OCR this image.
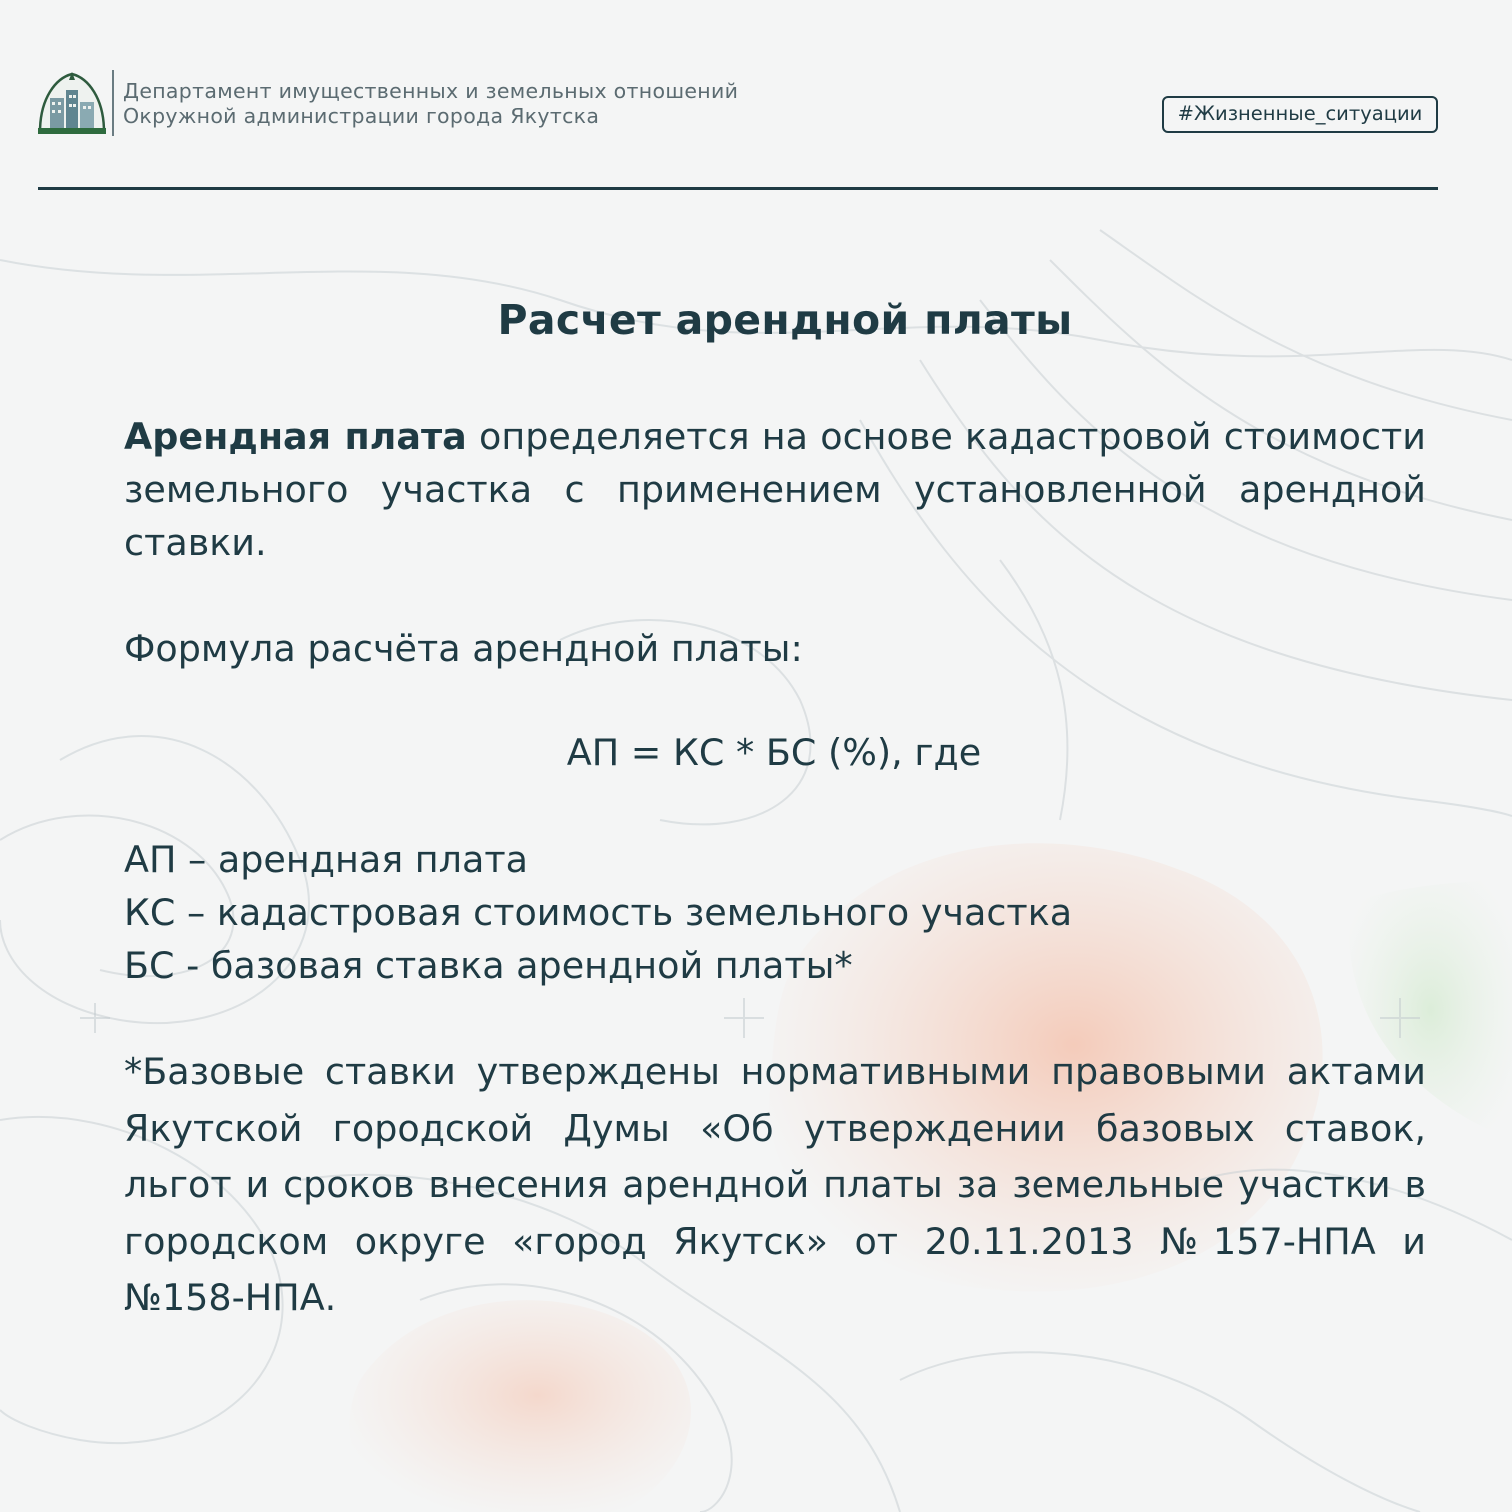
Департамент имущественных и земельных отношений
Окружной администрации города Якутска	#Жизненные_ситуации
Расчет арендной платы
Арендная плата определяется на основе кадастровой стоимости земельного участка с применением установленной арендной ставки.
Формула расчёта арендной платы:
АП = КС * БС (%), где
АП – арендная плата
КС – кадастровая стоимость земельного участка
БС - базовая ставка арендной платы*
*Базовые ставки утверждены нормативными правовыми актами Якутской городской Думы «Об утверждении базовых ставок, льгот и сроков внесения арендной платы за земельные участки в городском округе «город Якутск» от 20.11.2013 №157-НПА и №158-НПА.
